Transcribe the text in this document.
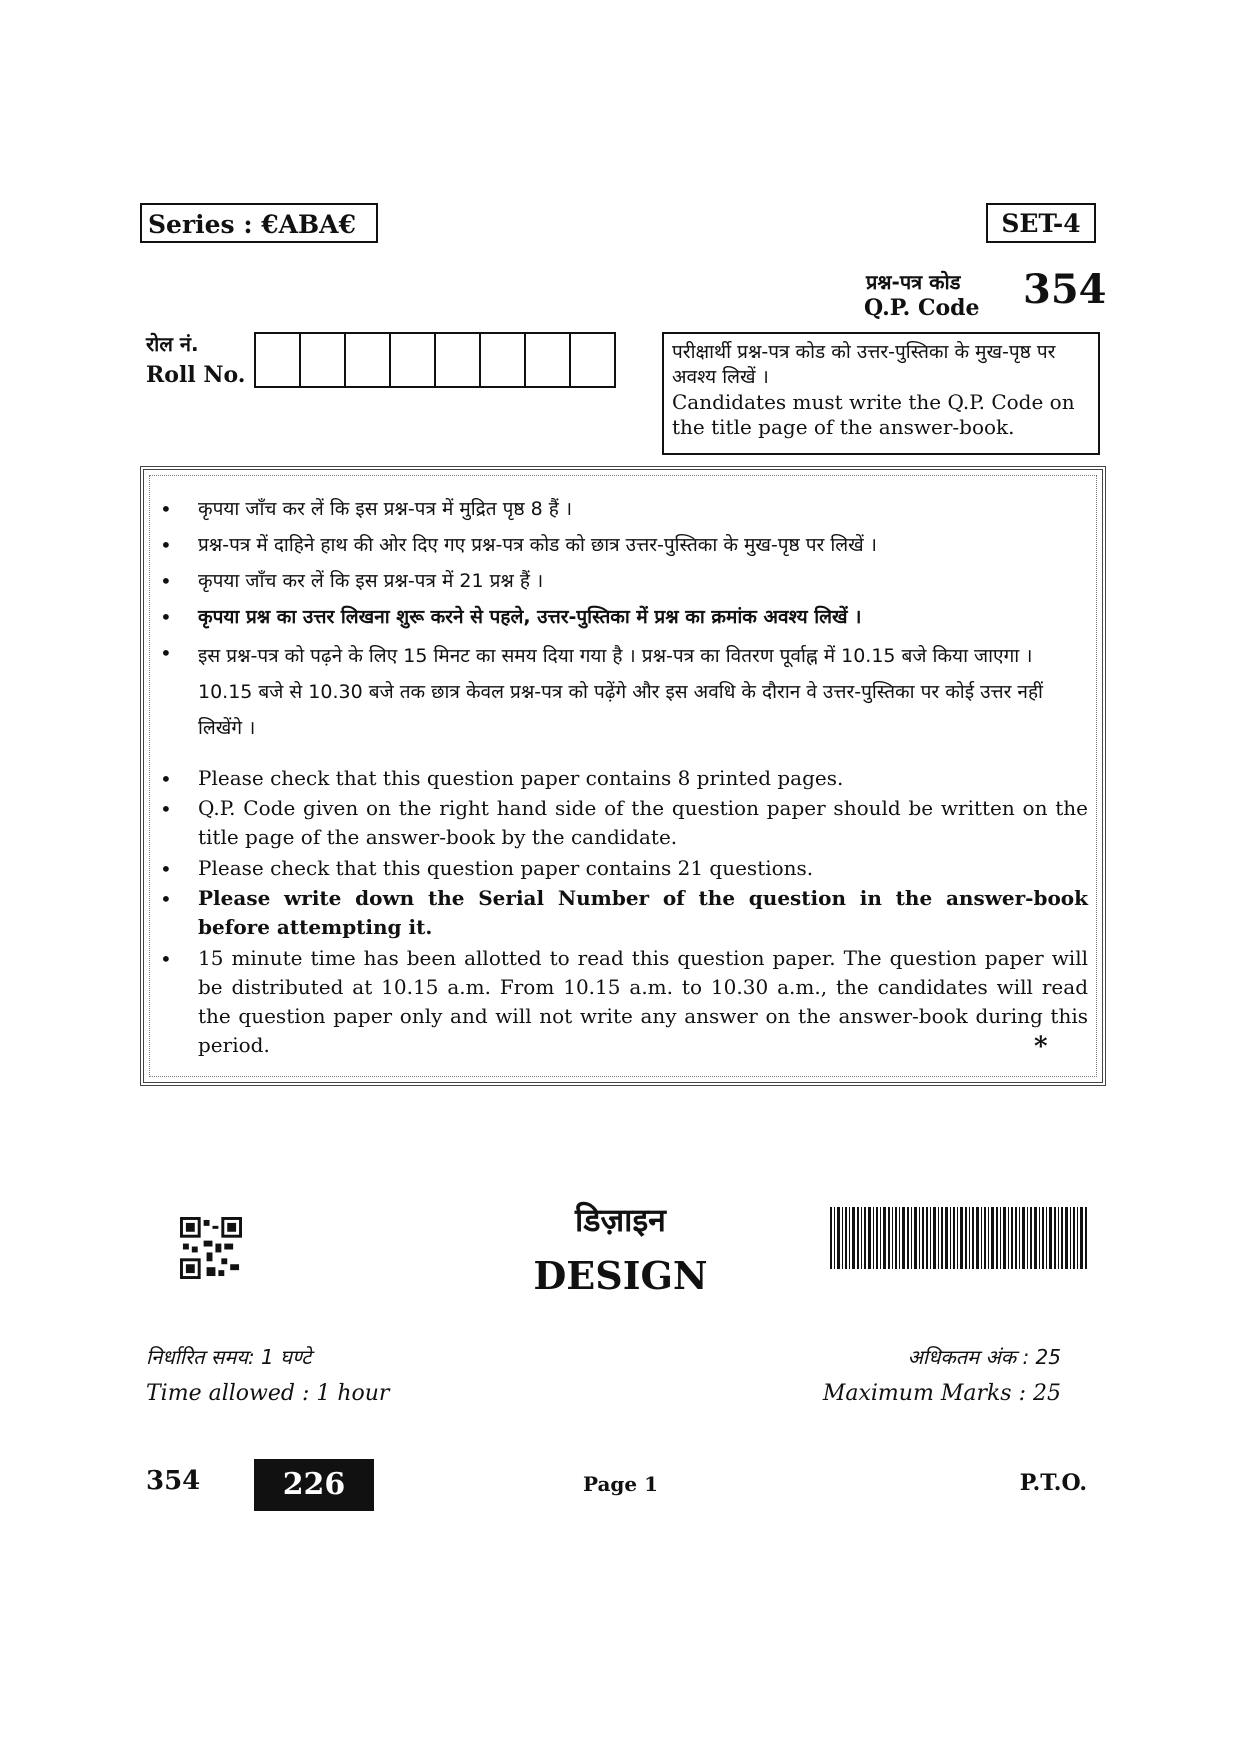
Series : €ABA€	SET-4
प्रश्न-पत्र कोड
Q.P. Code 354
रोल नं.
Roll No.
परीक्षार्थी प्रश्न-पत्र कोड को उत्तर-पुस्तिका के मुख-पृष्ठ पर अवश्य लिखें ।
Candidates must write the Q.P. Code on the title page of the answer-book.
• कृपया जाँच कर लें कि इस प्रश्न-पत्र में मुद्रित पृष्ठ 8 हैं ।
• प्रश्न-पत्र में दाहिने हाथ की ओर दिए गए प्रश्न-पत्र कोड को छात्र उत्तर-पुस्तिका के मुख-पृष्ठ पर लिखें ।
• कृपया जाँच कर लें कि इस प्रश्न-पत्र में 21 प्रश्न हैं ।
• कृपया प्रश्न का उत्तर लिखना शुरू करने से पहले, उत्तर-पुस्तिका में प्रश्न का क्रमांक अवश्य लिखें ।
• इस प्रश्न-पत्र को पढ़ने के लिए 15 मिनट का समय दिया गया है । प्रश्न-पत्र का वितरण पूर्वाह्न में 10.15 बजे किया जाएगा । 10.15 बजे से 10.30 बजे तक छात्र केवल प्रश्न-पत्र को पढ़ेंगे और इस अवधि के दौरान वे उत्तर-पुस्तिका पर कोई उत्तर नहीं लिखेंगे ।
• Please check that this question paper contains 8 printed pages.
• Q.P. Code given on the right hand side of the question paper should be written on the title page of the answer-book by the candidate.
• Please check that this question paper contains 21 questions.
• Please write down the Serial Number of the question in the answer-book before attempting it.
• 15 minute time has been allotted to read this question paper. The question paper will be distributed at 10.15 a.m. From 10.15 a.m. to 10.30 a.m., the candidates will read the question paper only and will not write any answer on the answer-book during this period.	*
डिज़ाइन
DESIGN
निर्धारित समय: 1 घण्टे
Time allowed : 1 hour
अधिकतम अंक : 25
Maximum Marks : 25
354	226	Page 1	P.T.O.
